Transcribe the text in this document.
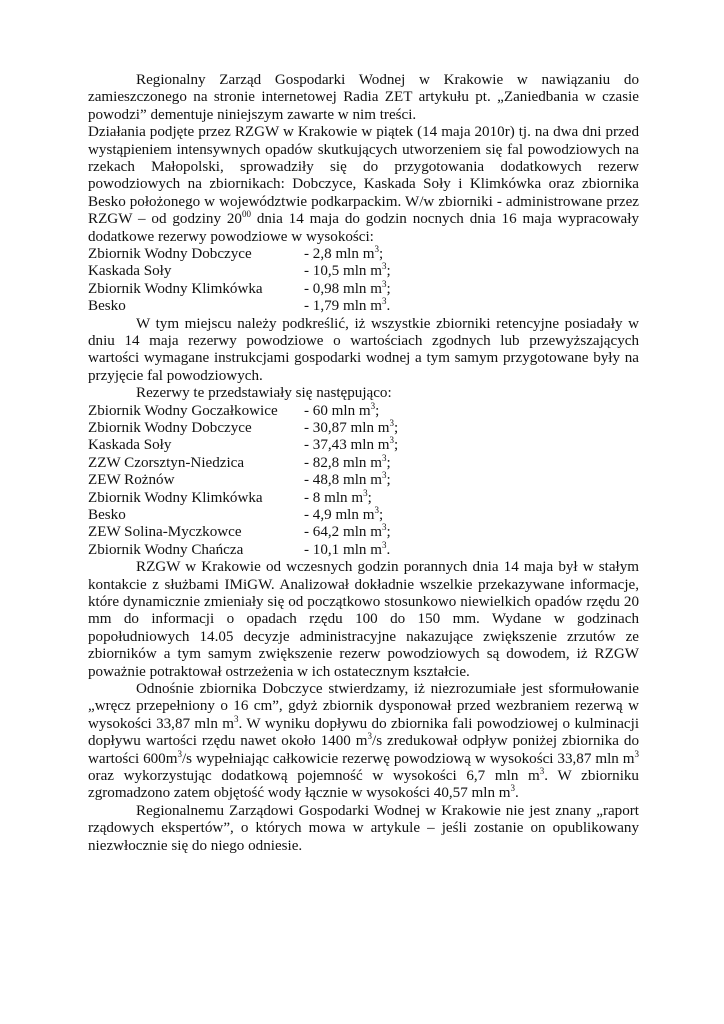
Regionalny Zarząd Gospodarki Wodnej w Krakowie w nawiązaniu do zamieszczonego na stronie internetowej Radia ZET artykułu pt. „Zaniedbania w czasie powodzi” dementuje niniejszym zawarte w nim treści.

Działania podjęte przez RZGW w Krakowie w piątek (14 maja 2010r) tj. na dwa dni przed wystąpieniem intensywnych opadów skutkujących utworzeniem się fal powodziowych na rzekach Małopolski, sprowadziły się do przygotowania dodatkowych rezerw powodziowych na zbiornikach: Dobczyce, Kaskada Soły i Klimkówka oraz zbiornika Besko położonego w województwie podkarpackim. W/w zbiorniki - administrowane przez RZGW – od godziny $20^{00}$ dnia 14 maja do godzin nocnych dnia 16 maja wypracowały dodatkowe rezerwy powodziowe w wysokości:

Zbiornik Wodny Dobczyce	- 2,8 mln $m^3$;
Kaskada Soły	- 10,5 mln $m^3$;
Zbiornik Wodny Klimkówka	- 0,98 mln $m^3$;
Besko	- 1,79 mln $m^3$.

W tym miejscu należy podkreślić, iż wszystkie zbiorniki retencyjne posiadały w dniu 14 maja rezerwy powodziowe o wartościach zgodnych lub przewyższających wartości wymagane instrukcjami gospodarki wodnej a tym samym przygotowane były na przyjęcie fal powodziowych.

Rezerwy te przedstawiały się następująco:

Zbiornik Wodny Goczałkowice	- 60 mln $m^3$;
Zbiornik Wodny Dobczyce	- 30,87 mln $m^3$;
Kaskada Soły	- 37,43 mln $m^3$;
ZZW Czorsztyn-Niedzica	- 82,8 mln $m^3$;
ZEW Rożnów	- 48,8 mln $m^3$;
Zbiornik Wodny Klimkówka	- 8 mln $m^3$;
Besko	- 4,9 mln $m^3$;
ZEW Solina-Myczkowce	- 64,2 mln $m^3$;
Zbiornik Wodny Chańcza	- 10,1 mln $m^3$.

RZGW w Krakowie od wczesnych godzin porannych dnia 14 maja był w stałym kontakcie z służbami IMiGW. Analizował dokładnie wszelkie przekazywane informacje, które dynamicznie zmieniały się od początkowo stosunkowo niewielkich opadów rzędu 20 mm do informacji o opadach rzędu 100 do 150 mm. Wydane w godzinach popołudniowych 14.05 decyzje administracyjne nakazujące zwiększenie zrzutów ze zbiorników a tym samym zwiększenie rezerw powodziowych są dowodem, iż RZGW poważnie potraktował ostrzeżenia w ich ostatecznym kształcie.

Odnośnie zbiornika Dobczyce stwierdzamy, iż niezrozumiałe jest sformułowanie „wręcz przepełniony o 16 cm”, gdyż zbiornik dysponował przed wezbraniem rezerwą w wysokości 33,87 mln $m^3$. W wyniku dopływu do zbiornika fali powodziowej o kulminacji dopływu wartości rzędu nawet około 1400 $m^3/s$ zredukował odpływ poniżej zbiornika do wartości $600m^3/s$ wypełniając całkowicie rezerwę powodziową w wysokości 33,87 mln $m^3$ oraz wykorzystując dodatkową pojemność w wysokości 6,7 mln $m^3$. W zbiorniku zgromadzono zatem objętość wody łącznie w wysokości 40,57 mln $m^3$.

Regionalnemu Zarządowi Gospodarki Wodnej w Krakowie nie jest znany „raport rządowych ekspertów”, o których mowa w artykule – jeśli zostanie on opublikowany niezwłocznie się do niego odniesie.
